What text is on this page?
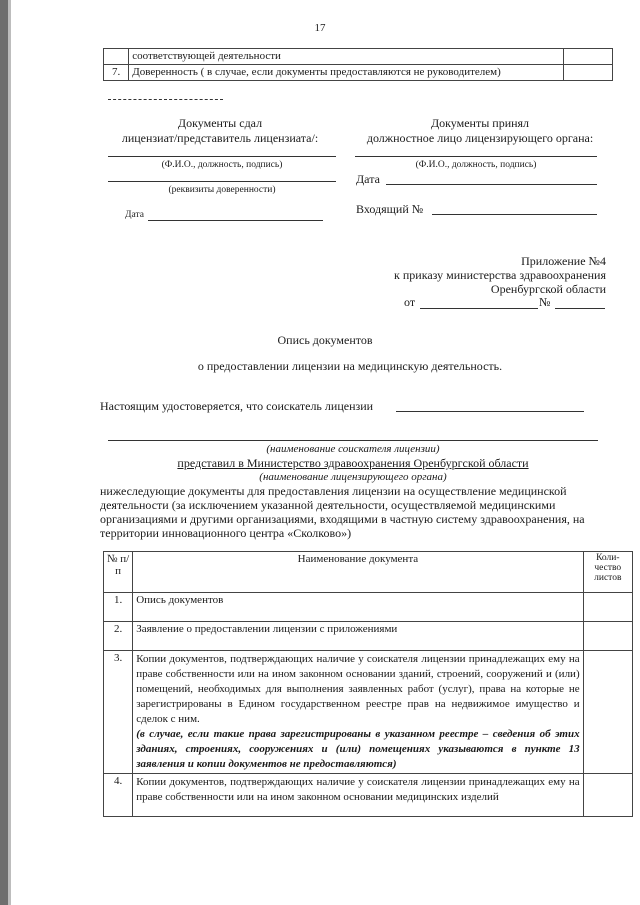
17
	соответствующей деятельности	
7.	Доверенность ( в случае, если документы предоставляются не руководителем)	
Документы сдал
лицензиат/представитель лицензиата/:
(Ф.И.О., должность, подпись)
(реквизиты доверенности)
Дата
Документы принял
должностное лицо лицензирующего органа:
(Ф.И.О., должность, подпись)
Дата
Входящий №
Приложение №4
к приказу министерства здравоохранения
Оренбургской области
от	№
Опись документов
о предоставлении лицензии на медицинскую деятельность.
Настоящим удостоверяется, что соискатель лицензии
(наименование соискателя лицензии)
представил в Министерство здравоохранения Оренбургской области
(наименование лицензирующего органа)
нижеследующие документы для предоставления лицензии на осуществление медицинской деятельности (за исключением указанной деятельности, осуществляемой медицинскими организациями и другими организациями, входящими в частную систему здравоохранения, на территории инновационного центра «Сколково»)
№ п/п	Наименование документа	Коли-чество листов
1.	Опись документов	
2.	Заявление о предоставлении лицензии с приложениями	
3.	Копии документов, подтверждающих наличие у соискателя лицензии принадлежащих ему на праве собственности или на ином законном основании зданий, строений, сооружений и (или) помещений, необходимых для выполнения заявленных работ (услуг), права на которые не зарегистрированы в Едином государственном реестре прав на недвижимое имущество и сделок с ним.
(в случае, если такие права зарегистрированы в указанном реестре – сведения об этих зданиях, строениях, сооружениях и (или) помещениях указываются в пункте 13 заявления и копии документов не предоставляются)	
4.	Копии документов, подтверждающих наличие у соискателя лицензии принадлежащих ему на праве собственности или на ином законном основании медицинских изделий	
